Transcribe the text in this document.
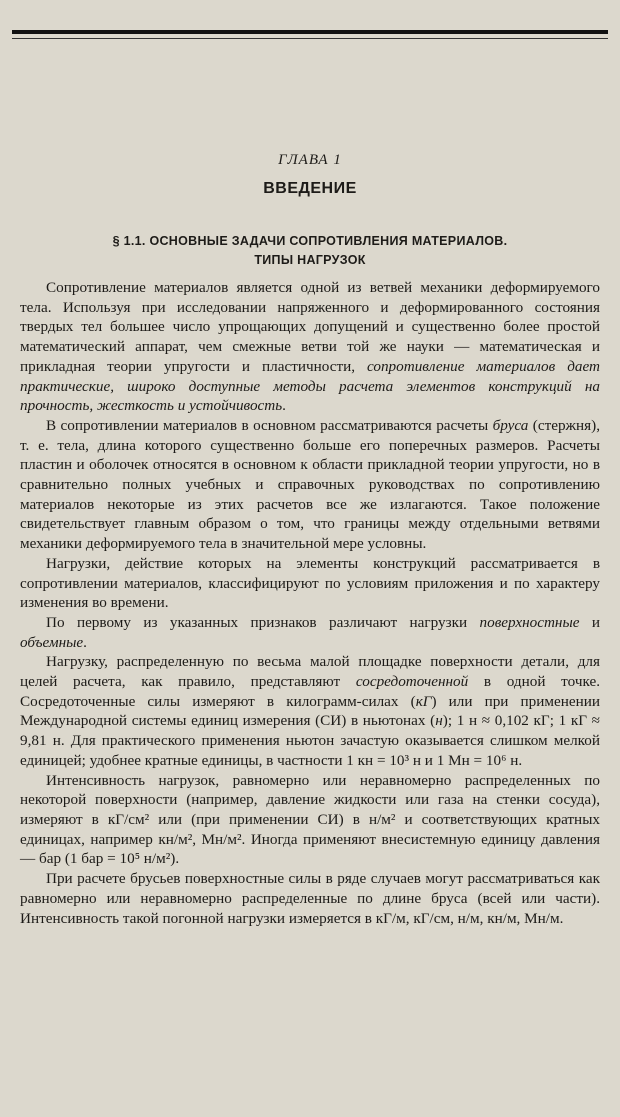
ГЛАВА 1
ВВЕДЕНИЕ
§ 1.1. ОСНОВНЫЕ ЗАДАЧИ СОПРОТИВЛЕНИЯ МАТЕРИАЛОВ.
ТИПЫ НАГРУЗОК

Сопротивление материалов является одной из ветвей механики деформируемого тела. Используя при исследовании напряженного и деформированного состояния твердых тел большее число упрощающих допущений и существенно более простой математический аппарат, чем смежные ветви той же науки — математическая и прикладная теории упругости и пластичности, сопротивление материалов дает практические, широко доступные методы расчета элементов конструкций на прочность, жесткость и устойчивость.

В сопротивлении материалов в основном рассматриваются расчеты бруса (стержня), т. е. тела, длина которого существенно больше его поперечных размеров. Расчеты пластин и оболочек относятся в основном к области прикладной теории упругости, но в сравнительно полных учебных и справочных руководствах по сопротивлению материалов некоторые из этих расчетов все же излагаются. Такое положение свидетельствует главным образом о том, что границы между отдельными ветвями механики деформируемого тела в значительной мере условны.

Нагрузки, действие которых на элементы конструкций рассматривается в сопротивлении материалов, классифицируют по условиям приложения и по характеру изменения во времени.

По первому из указанных признаков различают нагрузки поверхностные и объемные.

Нагрузку, распределенную по весьма малой площадке поверхности детали, для целей расчета, как правило, представляют сосредоточенной в одной точке. Сосредоточенные силы измеряют в килограмм-силах (кГ) или при применении Международной системы единиц измерения (СИ) в ньютонах (н); 1 н ≈ 0,102 кГ; 1 кГ ≈ 9,81 н. Для практического применения ньютон зачастую оказывается слишком мелкой единицей; удобнее кратные единицы, в частности 1 кн = 10³ н и 1 Мн = 10⁶ н.

Интенсивность нагрузок, равномерно или неравномерно распределенных по некоторой поверхности (например, давление жидкости или газа на стенки сосуда), измеряют в кГ/см² или (при применении СИ) в н/м² и соответствующих кратных единицах, например кн/м², Мн/м². Иногда применяют внесистемную единицу давления — бар (1 бар = 10⁵ н/м²).

При расчете брусьев поверхностные силы в ряде случаев могут рассматриваться как равномерно или неравномерно распределенные по длине бруса (всей или части). Интенсивность такой погонной нагрузки измеряется в кГ/м, кГ/см, н/м, кн/м, Мн/м.
